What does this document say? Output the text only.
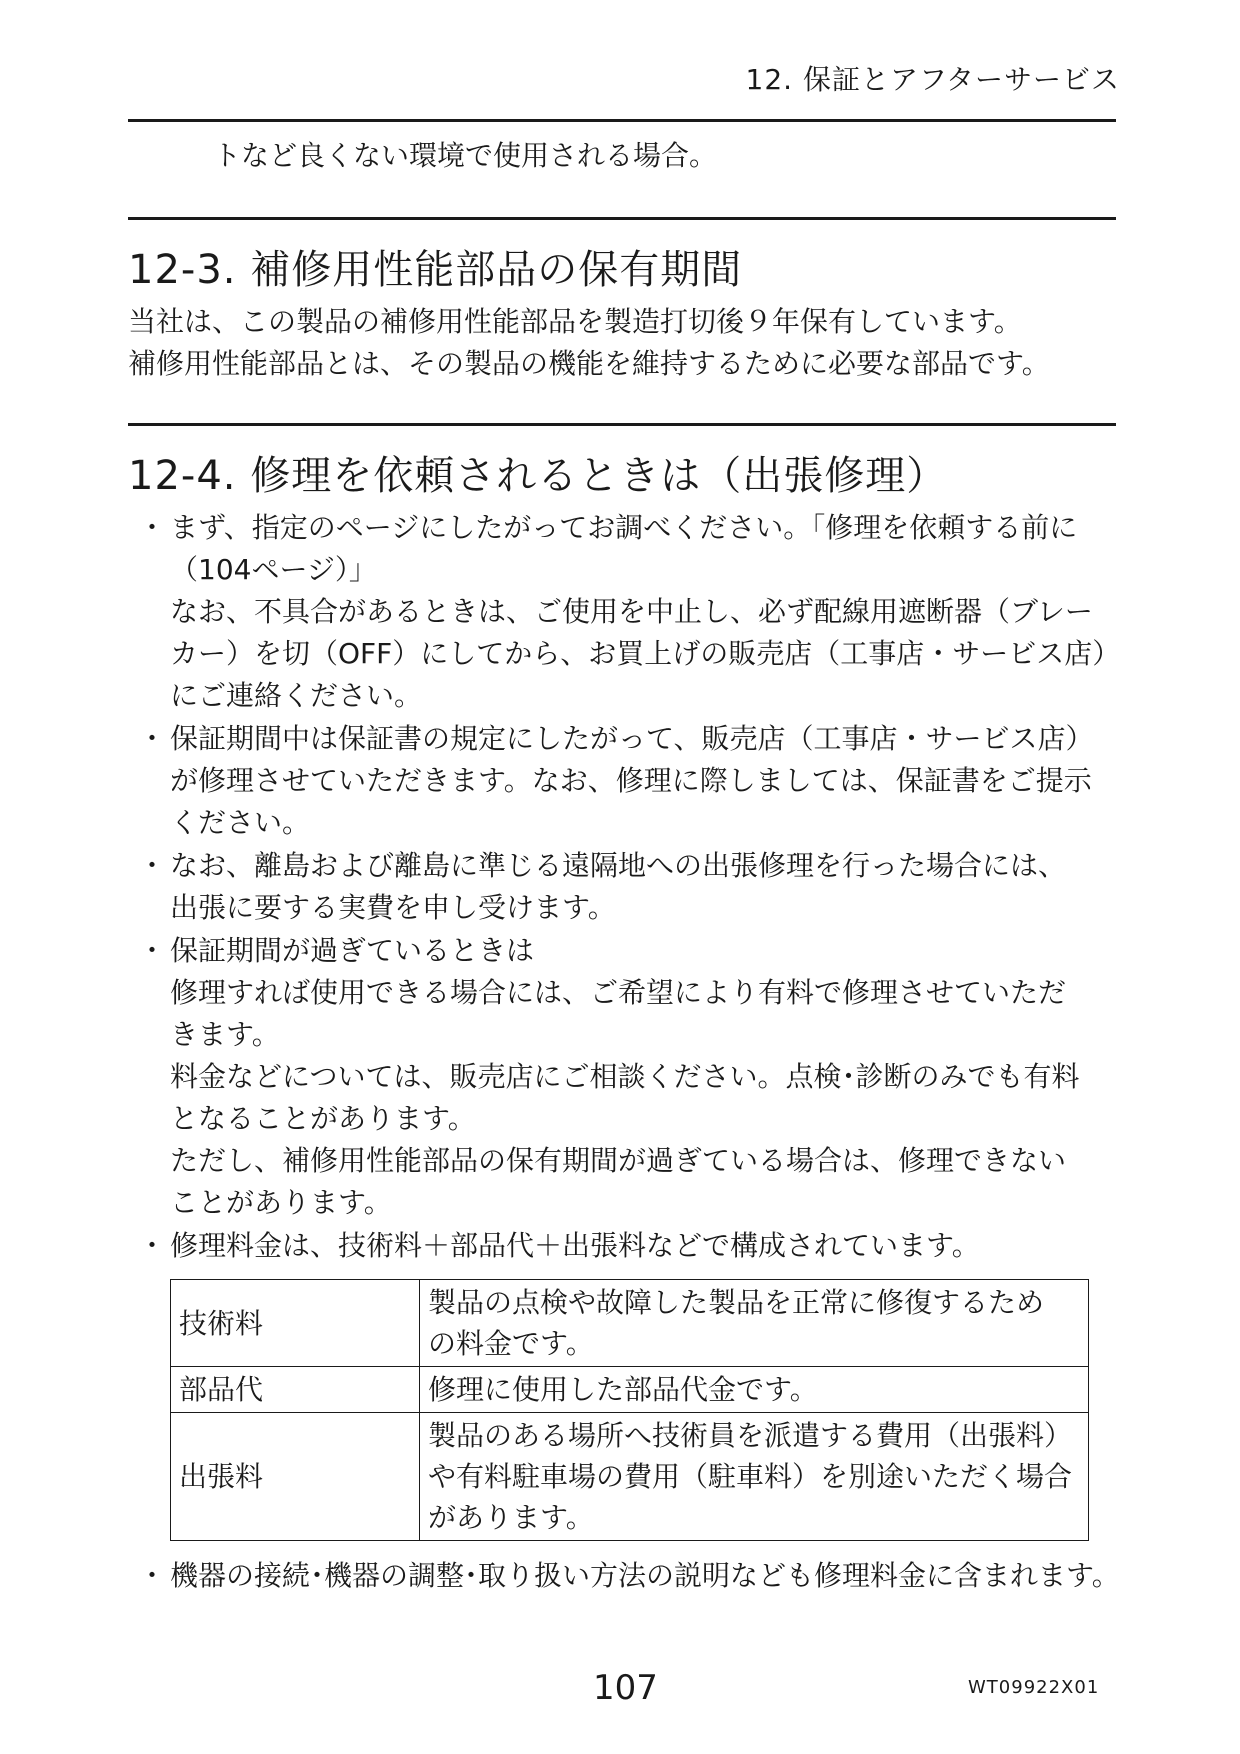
12. 保証とアフターサービス
トなど良くない環境で使用される場合。
12-3. 補修用性能部品の保有期間
当社は、この製品の補修用性能部品を製造打切後９年保有しています。
補修用性能部品とは、その製品の機能を維持するために必要な部品です。
12-4. 修理を依頼されるときは（出張修理）
・ まず、指定のページにしたがってお調べください。「修理を依頼する前に
（104ページ）」
なお、不具合があるときは、ご使用を中止し、必ず配線用遮断器（ブレー
カー）を切（OFF）にしてから、お買上げの販売店（工事店・サービス店）
にご連絡ください。
・ 保証期間中は保証書の規定にしたがって、販売店（工事店・サービス店）
が修理させていただきます。なお、修理に際しましては、保証書をご提示
ください。
・ なお、離島および離島に準じる遠隔地への出張修理を行った場合には、
出張に要する実費を申し受けます。
・ 保証期間が過ぎているときは
修理すれば使用できる場合には、ご希望により有料で修理させていただ
きます。
料金などについては、販売店にご相談ください。点検･診断のみでも有料
となることがあります。
ただし、補修用性能部品の保有期間が過ぎている場合は、修理できない
ことがあります。
・ 修理料金は、技術料＋部品代＋出張料などで構成されています。
技術料	製品の点検や故障した製品を正常に修復するため
の料金です。

部品代	修理に使用した部品代金です。

出張料	製品のある場所へ技術員を派遣する費用（出張料）
や有料駐車場の費用（駐車料）を別途いただく場合
があります。
・ 機器の接続･機器の調整･取り扱い方法の説明なども修理料金に含まれます。
107	WT09922X01
